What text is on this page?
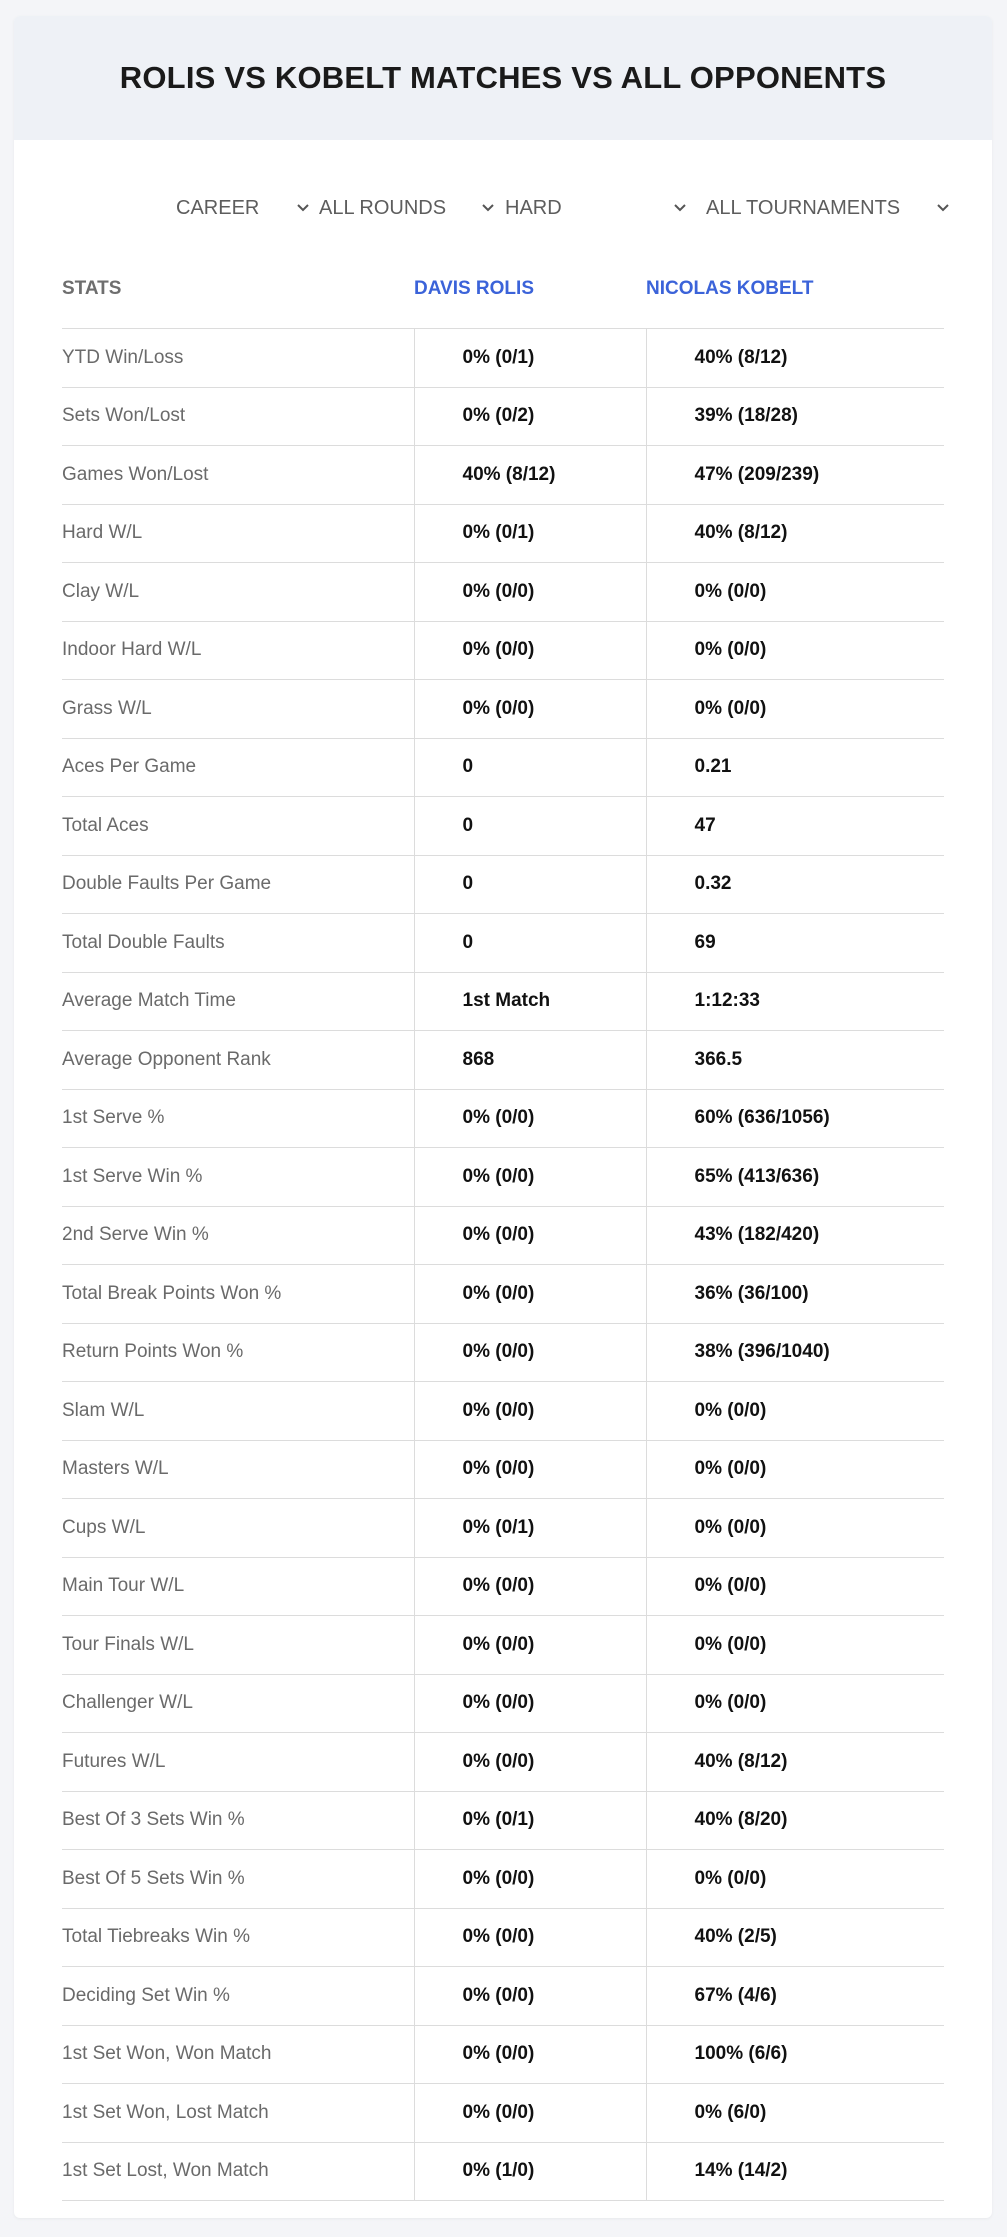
ROLIS VS KOBELT MATCHES VS ALL OPPONENTS
CAREER	ALL ROUNDS	HARD	ALL TOURNAMENTS
STATS	DAVIS ROLIS	NICOLAS KOBELT
YTD Win/Loss	0% (0/1)	40% (8/12)
Sets Won/Lost	0% (0/2)	39% (18/28)
Games Won/Lost	40% (8/12)	47% (209/239)
Hard W/L	0% (0/1)	40% (8/12)
Clay W/L	0% (0/0)	0% (0/0)
Indoor Hard W/L	0% (0/0)	0% (0/0)
Grass W/L	0% (0/0)	0% (0/0)
Aces Per Game	0	0.21
Total Aces	0	47
Double Faults Per Game	0	0.32
Total Double Faults	0	69
Average Match Time	1st Match	1:12:33
Average Opponent Rank	868	366.5
1st Serve %	0% (0/0)	60% (636/1056)
1st Serve Win %	0% (0/0)	65% (413/636)
2nd Serve Win %	0% (0/0)	43% (182/420)
Total Break Points Won %	0% (0/0)	36% (36/100)
Return Points Won %	0% (0/0)	38% (396/1040)
Slam W/L	0% (0/0)	0% (0/0)
Masters W/L	0% (0/0)	0% (0/0)
Cups W/L	0% (0/1)	0% (0/0)
Main Tour W/L	0% (0/0)	0% (0/0)
Tour Finals W/L	0% (0/0)	0% (0/0)
Challenger W/L	0% (0/0)	0% (0/0)
Futures W/L	0% (0/0)	40% (8/12)
Best Of 3 Sets Win %	0% (0/1)	40% (8/20)
Best Of 5 Sets Win %	0% (0/0)	0% (0/0)
Total Tiebreaks Win %	0% (0/0)	40% (2/5)
Deciding Set Win %	0% (0/0)	67% (4/6)
1st Set Won, Won Match	0% (0/0)	100% (6/6)
1st Set Won, Lost Match	0% (0/0)	0% (6/0)
1st Set Lost, Won Match	0% (1/0)	14% (14/2)
